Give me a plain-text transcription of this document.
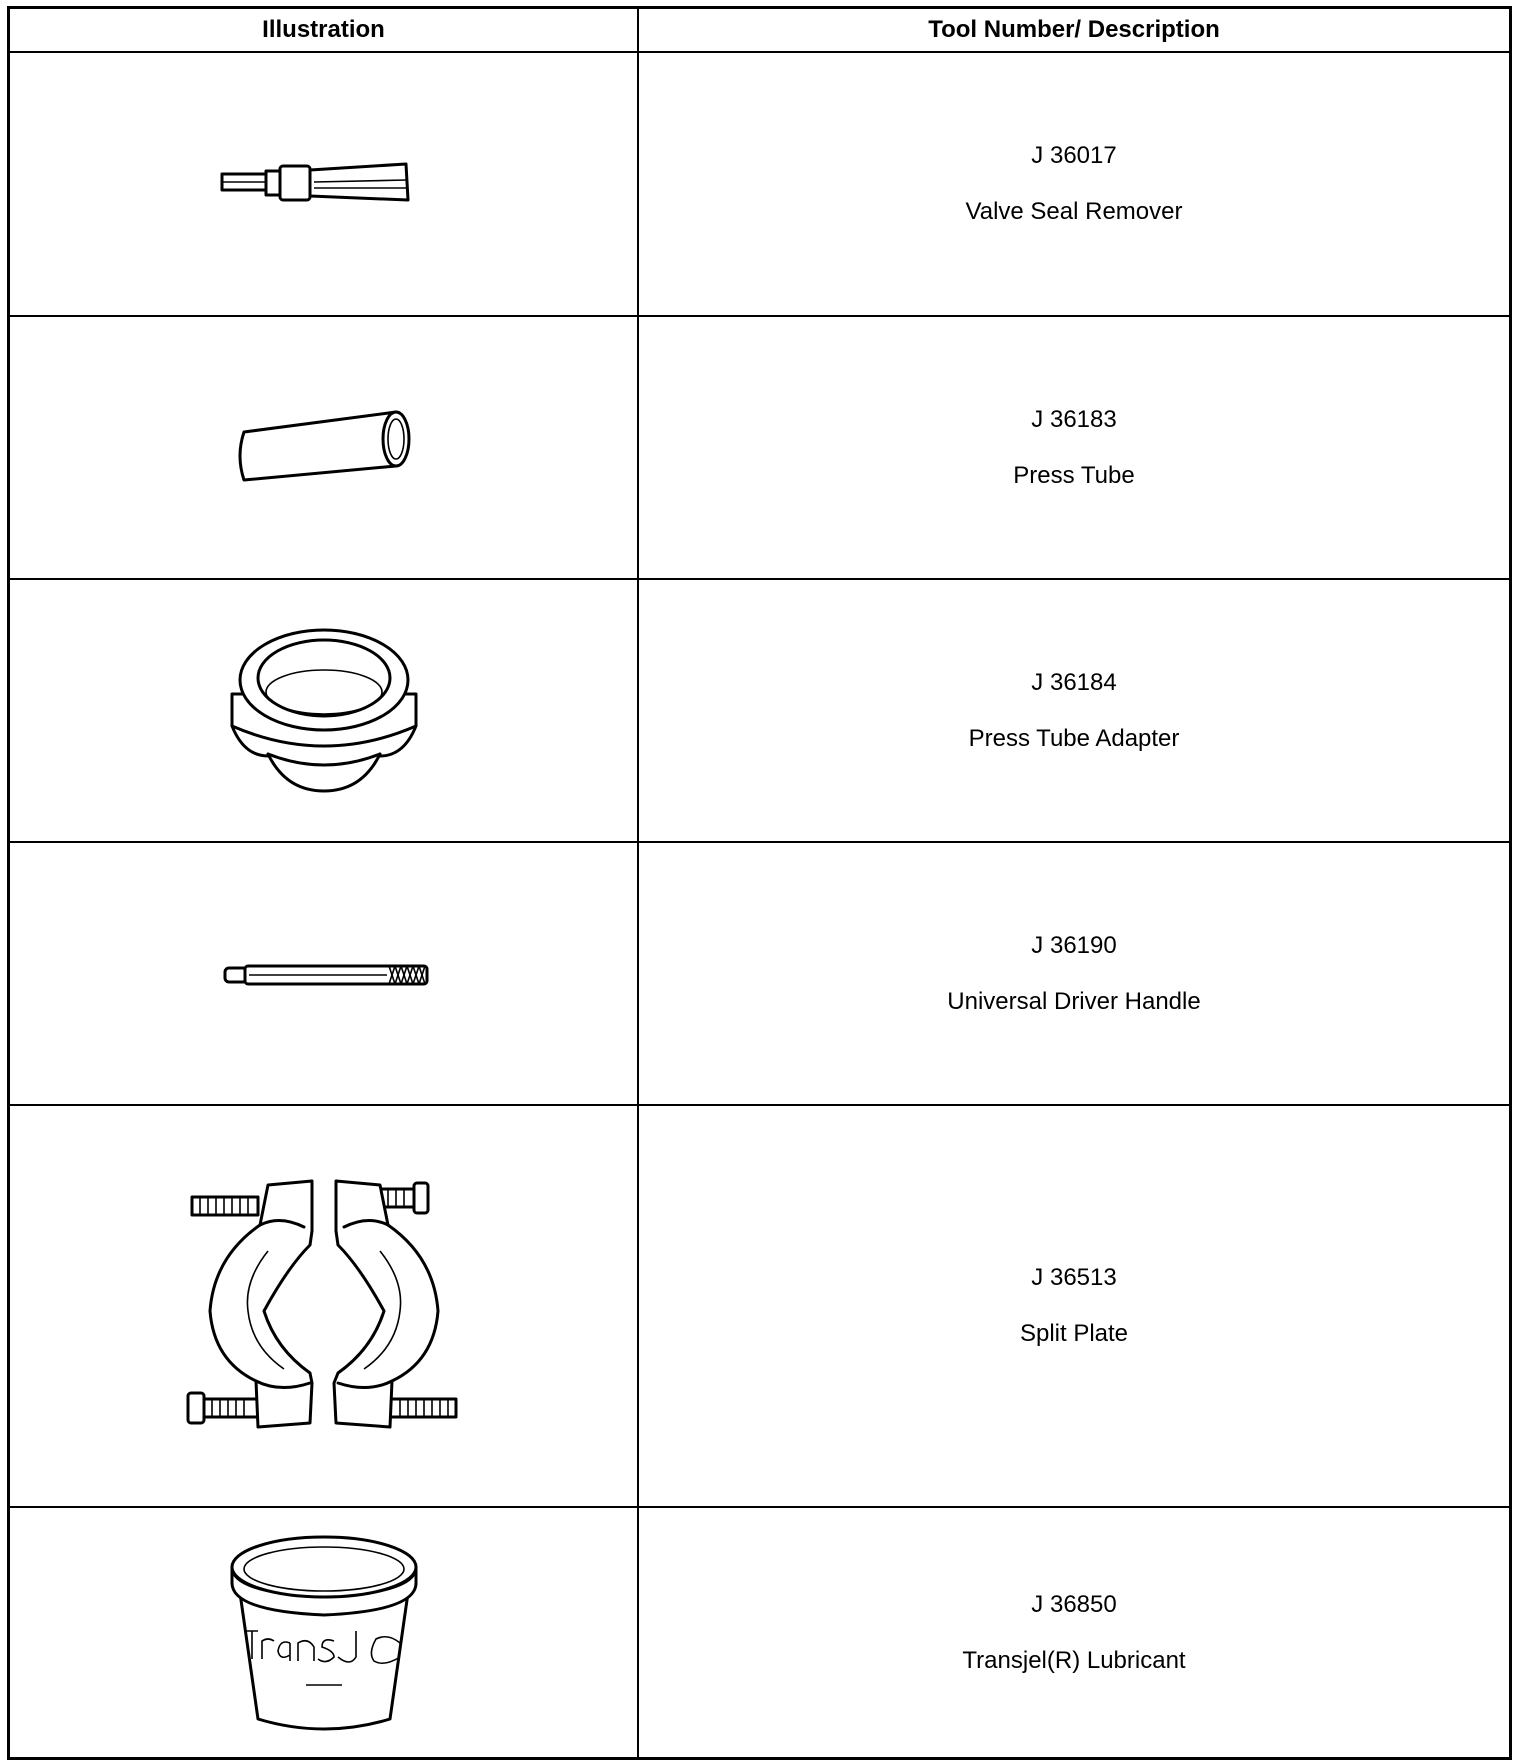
Illustration	Tool Number/ Description
J 36017
Valve Seal Remover
J 36183
Press Tube
J 36184
Press Tube Adapter
J 36190
Universal Driver Handle
J 36513
Split Plate
J 36850
Transjel(R) Lubricant
